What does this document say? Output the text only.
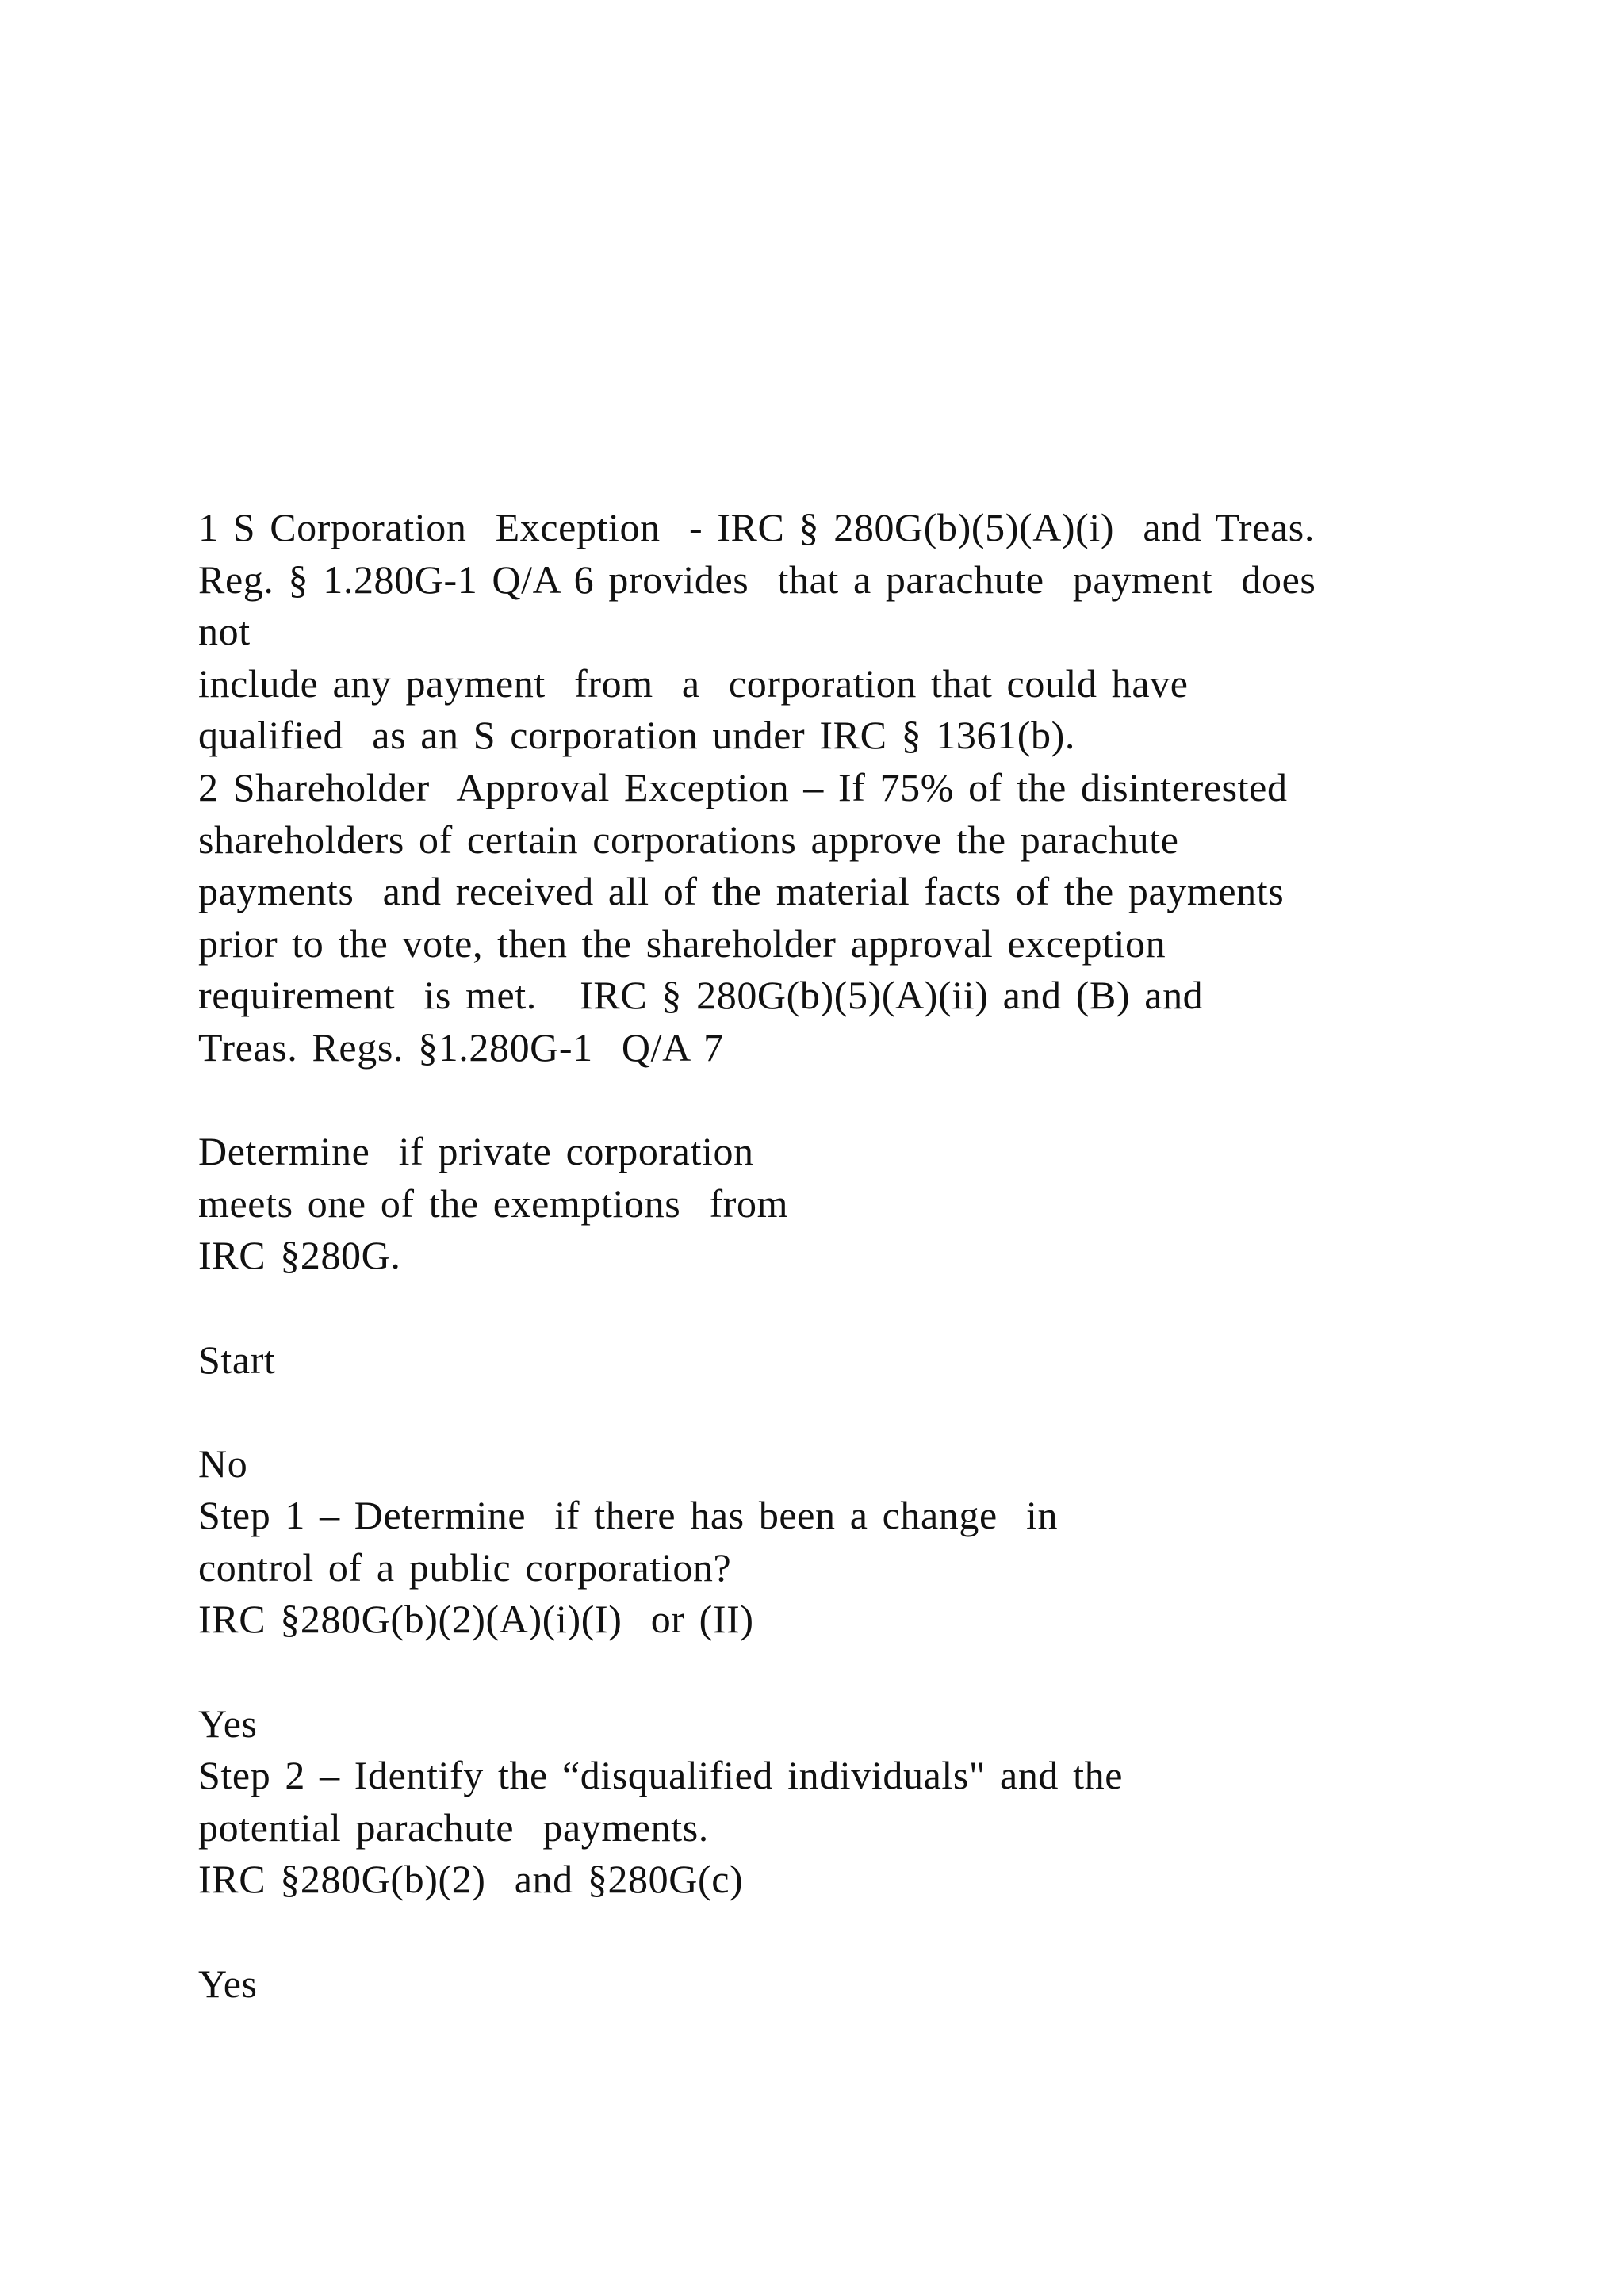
1 S Corporation  Exception  - IRC § 280G(b)(5)(A)(i)  and Treas.
Reg. § 1.280G-1 Q/A 6 provides  that a parachute  payment  does
not
include any payment  from  a  corporation that could have
qualified  as an S corporation under IRC § 1361(b).
2 Shareholder  Approval Exception – If 75% of the disinterested
shareholders of certain corporations approve the parachute
payments  and received all of the material facts of the payments
prior to the vote, then the shareholder approval exception
requirement  is met.   IRC § 280G(b)(5)(A)(ii) and (B) and
Treas. Regs. §1.280G-1  Q/A 7
Determine  if private corporation
meets one of the exemptions  from
IRC §280G.
Start
No
Step 1 – Determine  if there has been a change  in
control of a public corporation?
IRC §280G(b)(2)(A)(i)(I)  or (II)
Yes
Step 2 – Identify the “disqualified individuals" and the
potential parachute  payments.
IRC §280G(b)(2)  and §280G(c)
Yes
